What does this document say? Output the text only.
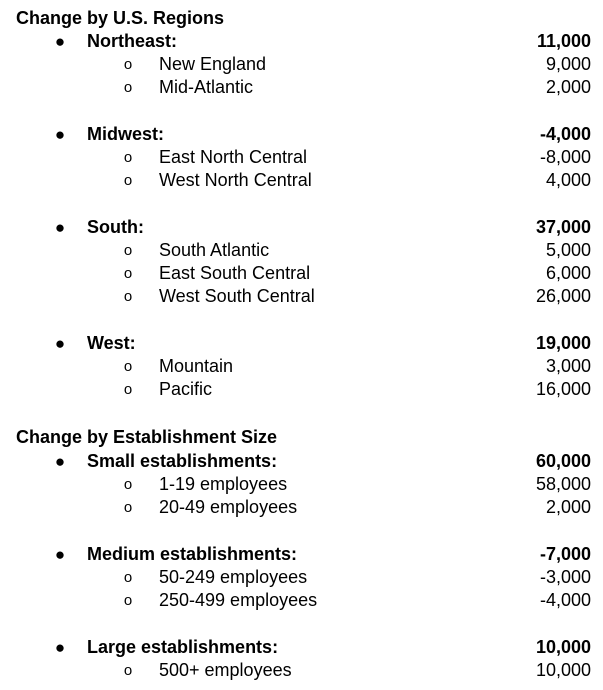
Change by U.S. Regions
● Northeast:	11,000
o New England	9,000
o Mid-Atlantic	2,000
● Midwest:	-4,000
o East North Central	-8,000
o West North Central	4,000
● South:	37,000
o South Atlantic	5,000
o East South Central	6,000
o West South Central	26,000
● West:	19,000
o Mountain	3,000
o Pacific	16,000
Change by Establishment Size
● Small establishments:	60,000
o 1-19 employees	58,000
o 20-49 employees	2,000
● Medium establishments:	-7,000
o 50-249 employees	-3,000
o 250-499 employees	-4,000
● Large establishments:	10,000
o 500+ employees	10,000
